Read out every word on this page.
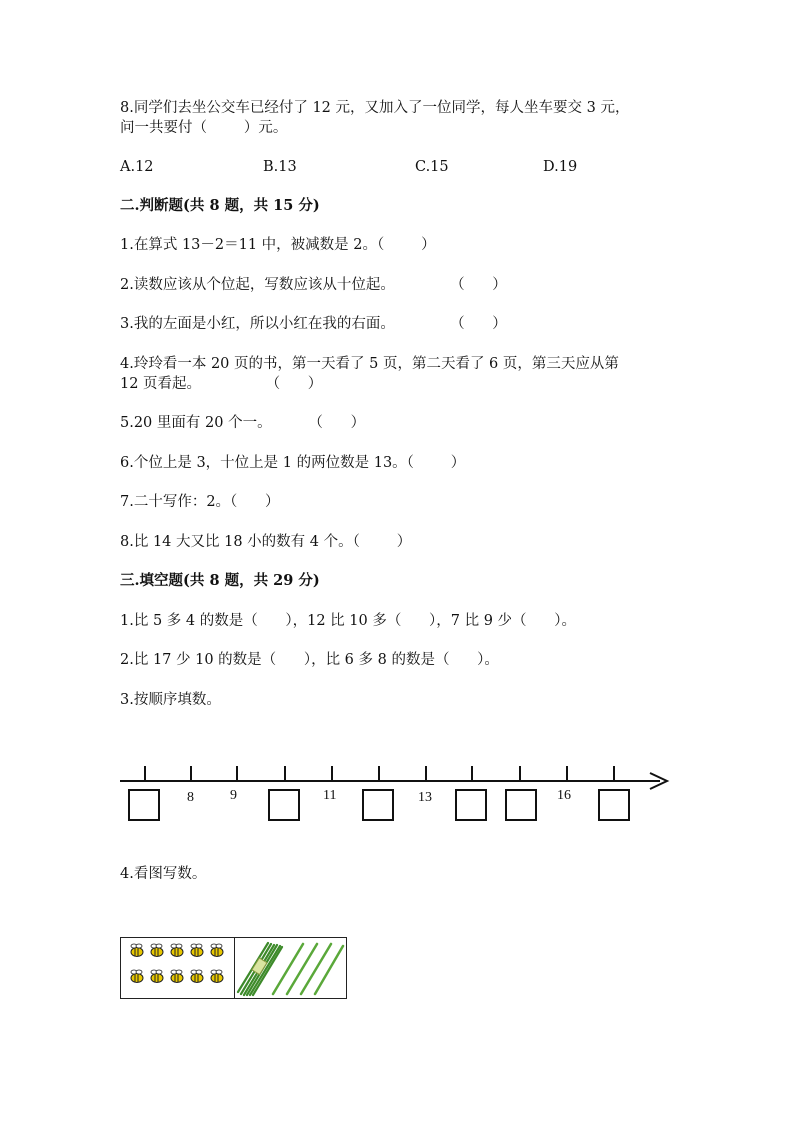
8.同学们去坐公交车已经付了 12 元，又加入了一位同学，每人坐车要交 3 元，
问一共要付（        ）元。
A.12	B.13	C.15	D.19
二.判断题(共 8 题，共 15 分)
1.在算式 13－2＝11 中，被减数是 2。（        ）
2.读数应该从个位起，写数应该从十位起。            （      ）
3.我的左面是小红，所以小红在我的右面。            （      ）
4.玲玲看一本 20 页的书，第一天看了 5 页，第二天看了 6 页，第三天应从第
12 页看起。              （      ）
5.20 里面有 20 个一。        （      ）
6.个位上是 3，十位上是 1 的两位数是 13。（        ）
7.二十写作：2。（      ）
8.比 14 大又比 18 小的数有 4 个。（        ）
三.填空题(共 8 题，共 29 分)
1.比 5 多 4 的数是（      ），12 比 10 多（      ），7 比 9 少（      ）。
2.比 17 少 10 的数是（      ），比 6 多 8 的数是（      ）。
3.按顺序填数。
8	9	11	13	16
4.看图写数。
